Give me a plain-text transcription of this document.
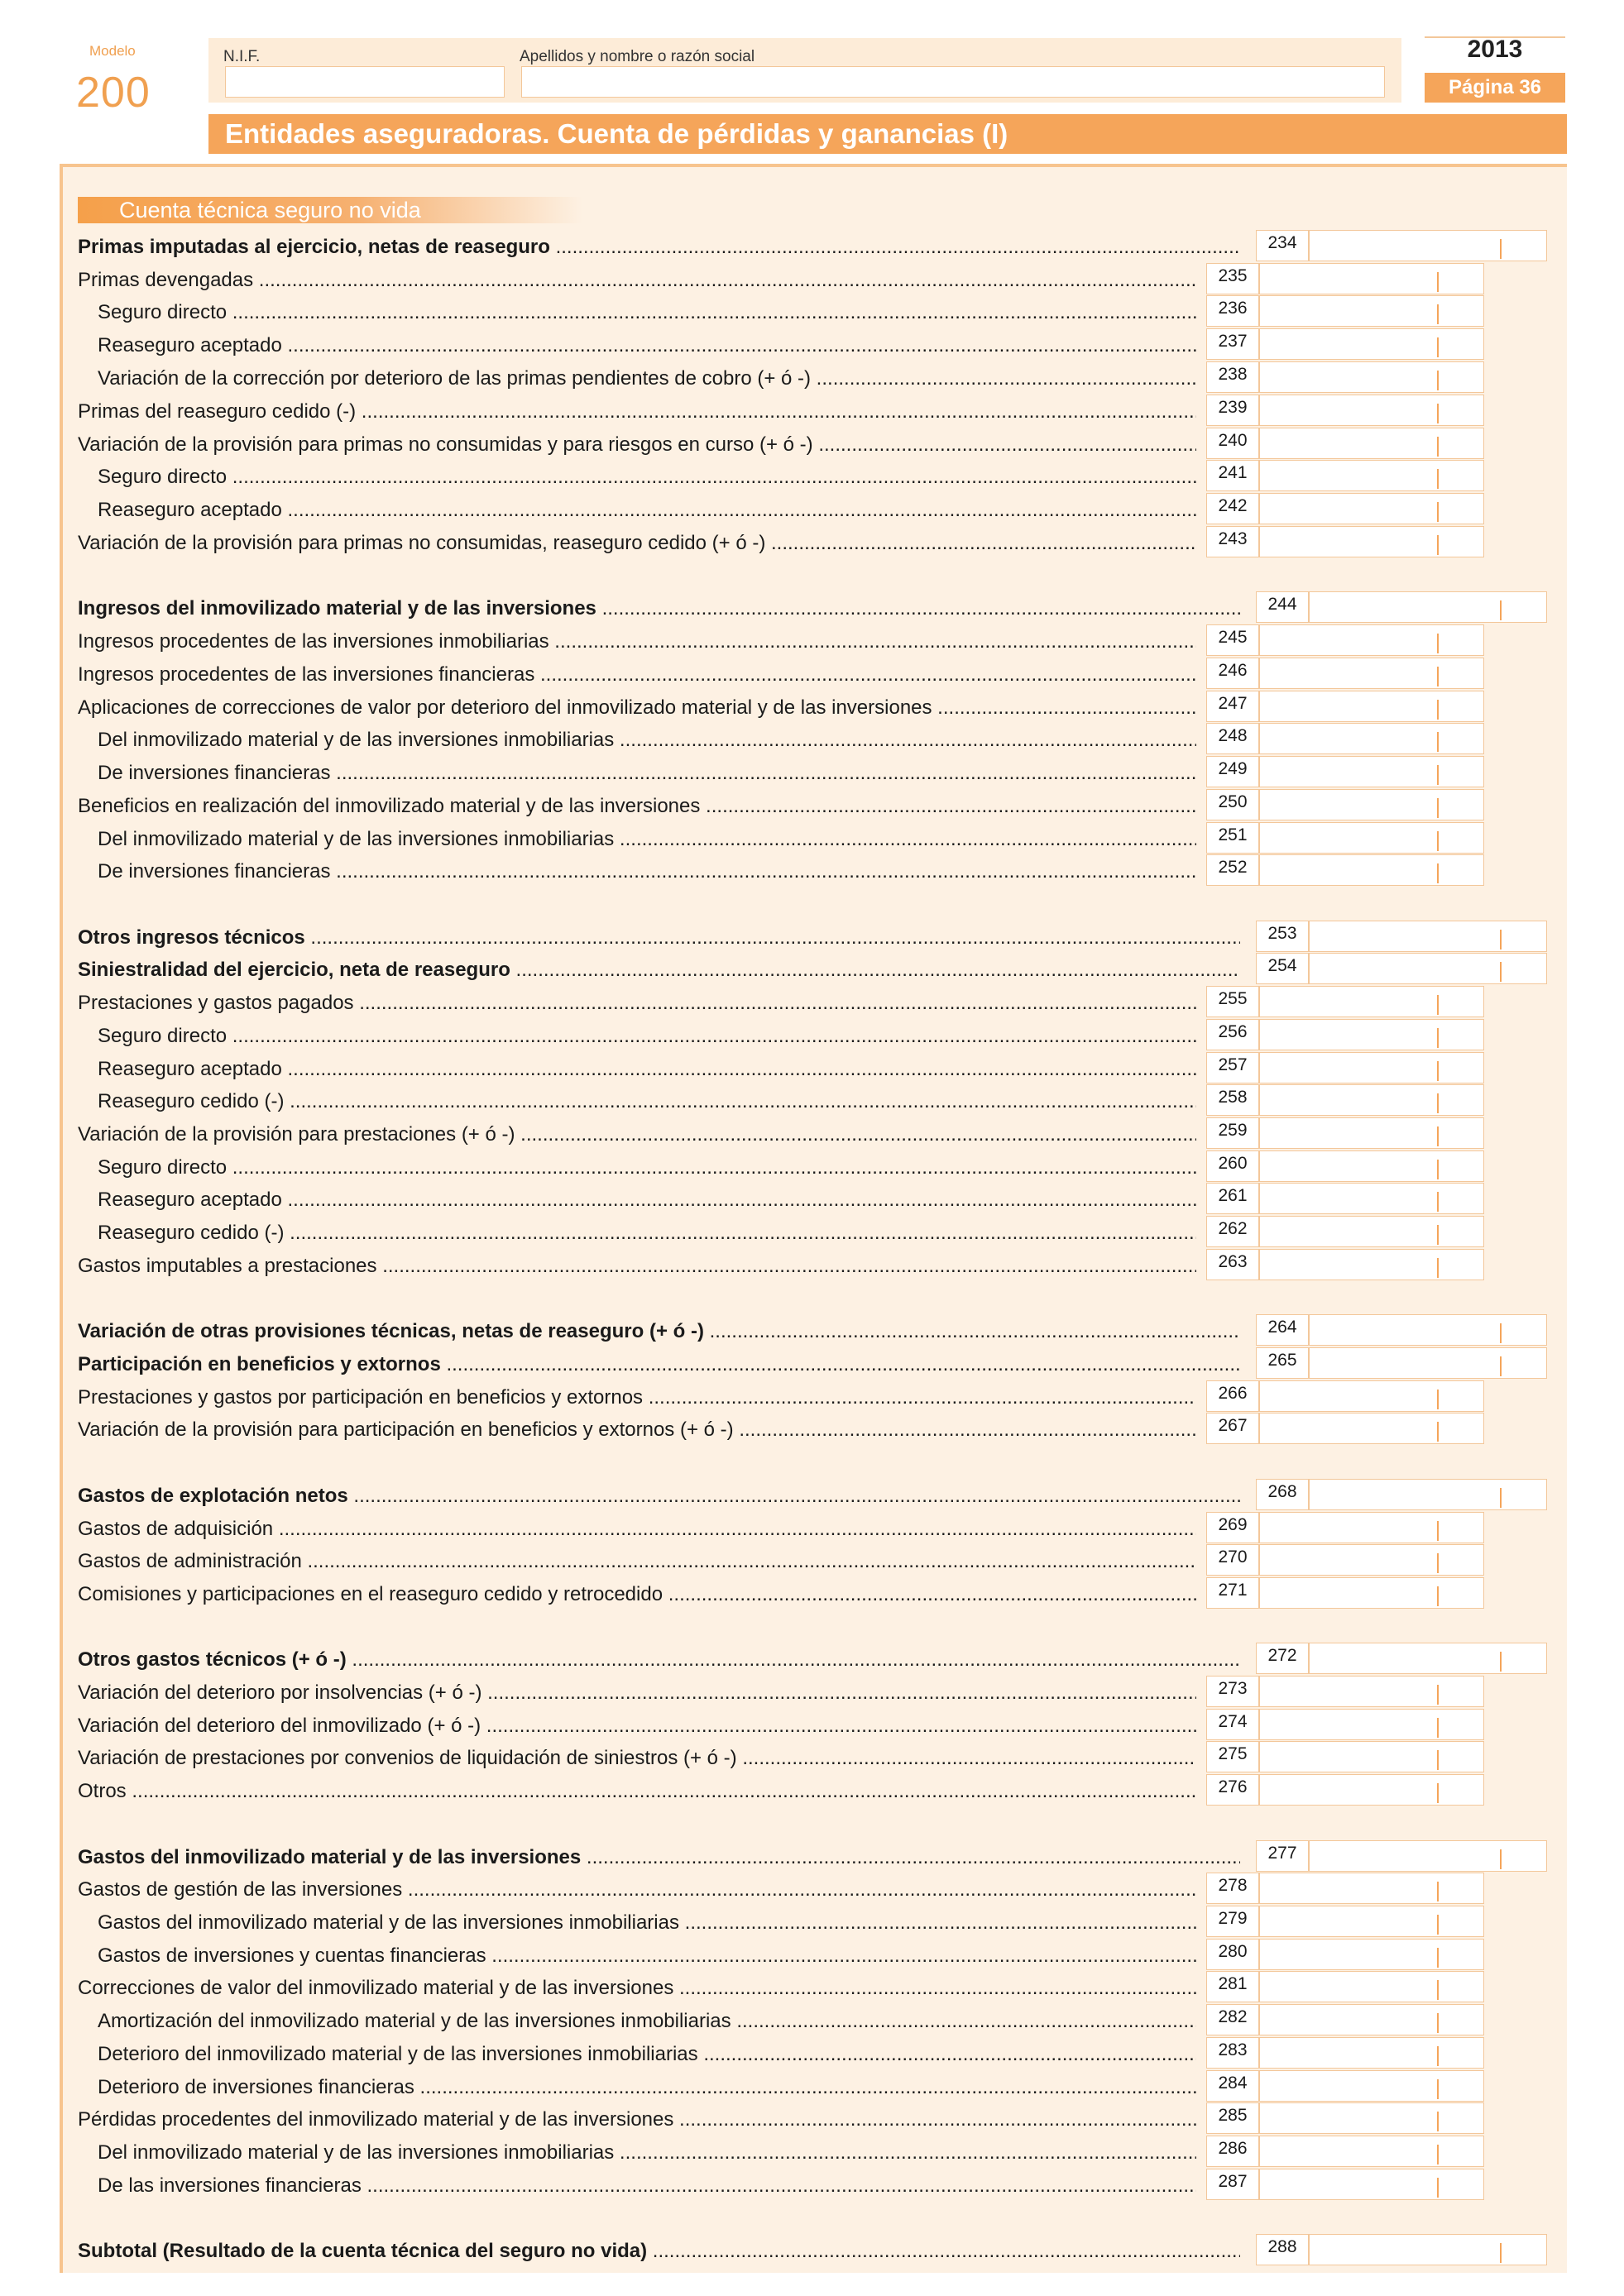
Modelo
200
N.I.F.	Apellidos y nombre o razón social	2013
Página 36
Entidades aseguradoras. Cuenta de pérdidas y ganancias (I)
Cuenta técnica seguro no vida
Primas imputadas al ejercicio, netas de reaseguro .....	234
Primas devengadas .....	235
Seguro directo .....	236
Reaseguro aceptado .....	237
Variación de la corrección por deterioro de las primas pendientes de cobro (+ ó -) .....	238
Primas del reaseguro cedido (-) .....	239
Variación de la provisión para primas no consumidas y para riesgos en curso (+ ó -) .....	240
Seguro directo .....	241
Reaseguro aceptado .....	242
Variación de la provisión para primas no consumidas, reaseguro cedido (+ ó -) .....	243
Ingresos del inmovilizado material y de las inversiones .....	244
Ingresos procedentes de las inversiones inmobiliarias .....	245
Ingresos procedentes de las inversiones financieras .....	246
Aplicaciones de correcciones de valor por deterioro del inmovilizado material y de las inversiones .....	247
Del inmovilizado material y de las inversiones inmobiliarias .....	248
De inversiones financieras .....	249
Beneficios en realización del inmovilizado material y de las inversiones .....	250
Del inmovilizado material y de las inversiones inmobiliarias .....	251
De inversiones financieras .....	252
Otros ingresos técnicos .....	253
Siniestralidad del ejercicio, neta de reaseguro .....	254
Prestaciones y gastos pagados .....	255
Seguro directo .....	256
Reaseguro aceptado .....	257
Reaseguro cedido (-) .....	258
Variación de la provisión para prestaciones (+ ó -) .....	259
Seguro directo .....	260
Reaseguro aceptado .....	261
Reaseguro cedido (-) .....	262
Gastos imputables a prestaciones .....	263
Variación de otras provisiones técnicas, netas de reaseguro (+ ó -) .....	264
Participación en beneficios y extornos .....	265
Prestaciones y gastos por participación en beneficios y extornos .....	266
Variación de la provisión para participación en beneficios y extornos (+ ó -) .....	267
Gastos de explotación netos .....	268
Gastos de adquisición .....	269
Gastos de administración .....	270
Comisiones y participaciones en el reaseguro cedido y retrocedido .....	271
Otros gastos técnicos (+ ó -) .....	272
Variación del deterioro por insolvencias (+ ó -) .....	273
Variación del deterioro del inmovilizado (+ ó -) .....	274
Variación de prestaciones por convenios de liquidación de siniestros (+ ó -) .....	275
Otros .....	276
Gastos del inmovilizado material y de las inversiones .....	277
Gastos de gestión de las inversiones .....	278
Gastos del inmovilizado material y de las inversiones inmobiliarias .....	279
Gastos de inversiones y cuentas financieras .....	280
Correcciones de valor del inmovilizado material y de las inversiones .....	281
Amortización del inmovilizado material y de las inversiones inmobiliarias .....	282
Deterioro del inmovilizado material y de las inversiones inmobiliarias .....	283
Deterioro de inversiones financieras .....	284
Pérdidas procedentes del inmovilizado material y de las inversiones .....	285
Del inmovilizado material y de las inversiones inmobiliarias .....	286
De las inversiones financieras .....	287
Subtotal (Resultado de la cuenta técnica del seguro no vida) .....	288
